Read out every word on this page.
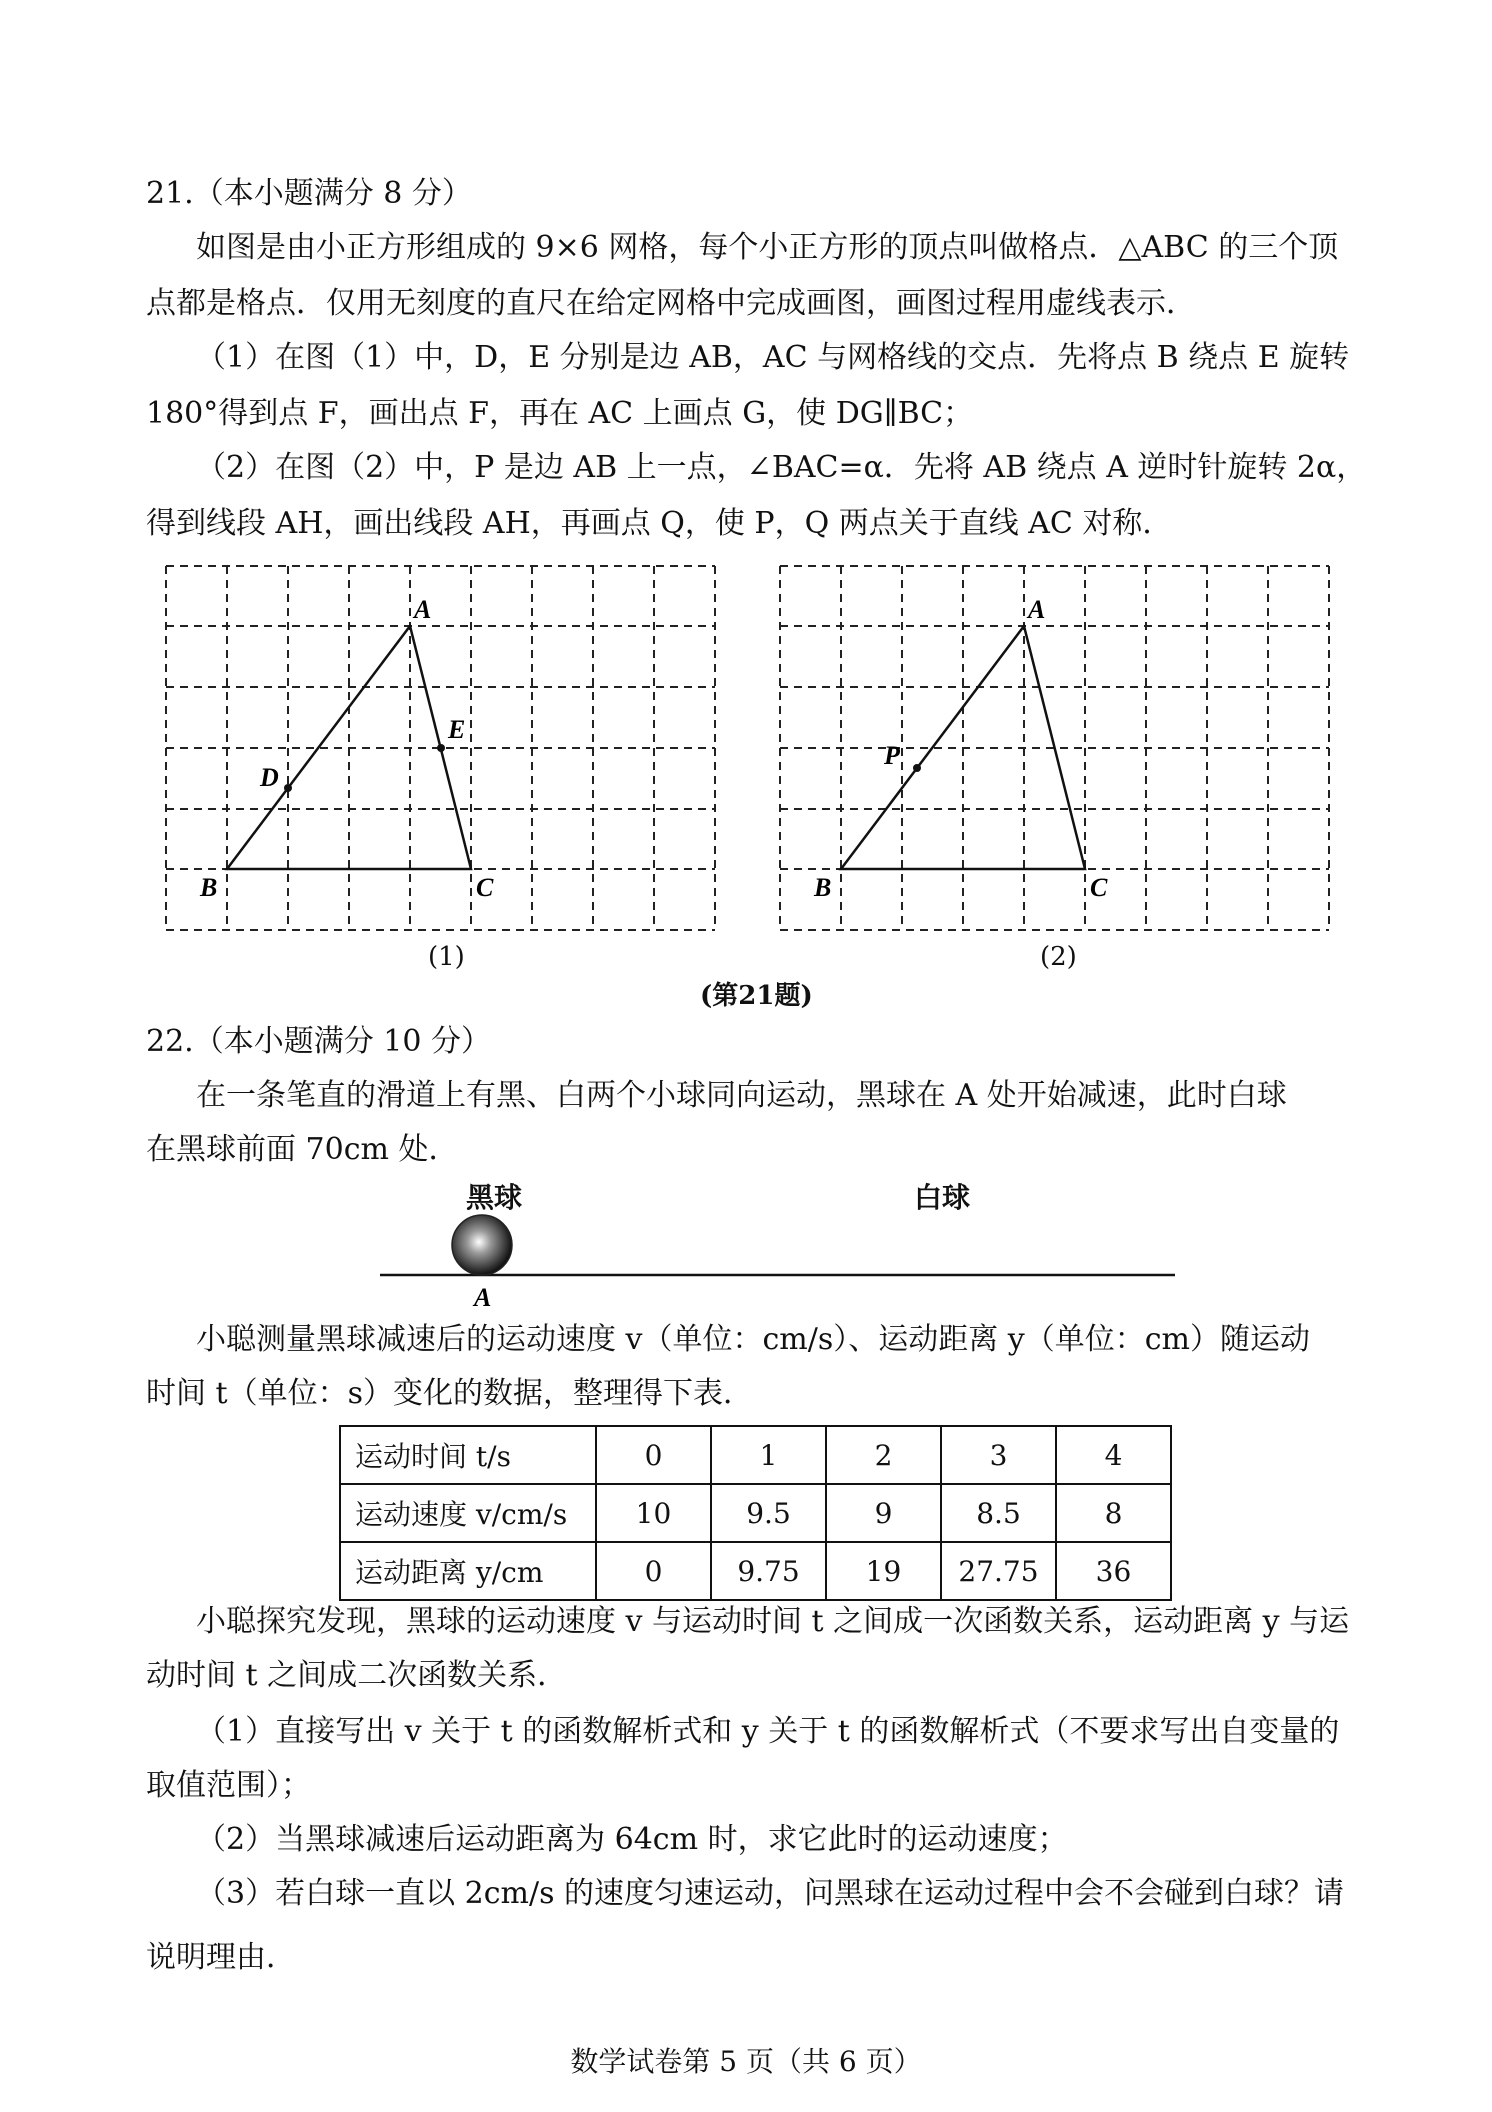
21.（本小题满分 8 分）
如图是由小正方形组成的 9×6 网格，每个小正方形的顶点叫做格点．△ABC 的三个顶
点都是格点．仅用无刻度的直尺在给定网格中完成画图，画图过程用虚线表示．
（1）在图（1）中，D，E 分别是边 AB，AC 与网格线的交点．先将点 B 绕点 E 旋转
180°得到点 F，画出点 F，再在 AC 上画点 G，使 DG∥BC；
（2）在图（2）中，P 是边 AB 上一点，∠BAC=α．先将 AB 绕点 A 逆时针旋转 2α，
得到线段 AH，画出线段 AH，再画点 Q，使 P，Q 两点关于直线 AC 对称．
A
B	C
D
E
(1)
A
B	C
P
(2)
(第21题)
22.（本小题满分 10 分）
在一条笔直的滑道上有黑、白两个小球同向运动，黑球在 A 处开始减速，此时白球
在黑球前面 70cm 处．
黑球	白球
A
小聪测量黑球减速后的运动速度 v（单位：cm/s）、运动距离 y（单位：cm）随运动
时间 t（单位：s）变化的数据，整理得下表．
运动时间 t/s	0	1	2	3	4
运动速度 v/cm/s	10	9.5	9	8.5	8
运动距离 y/cm	0	9.75	19	27.75	36
小聪探究发现，黑球的运动速度 v 与运动时间 t 之间成一次函数关系，运动距离 y 与运
动时间 t 之间成二次函数关系．
（1）直接写出 v 关于 t 的函数解析式和 y 关于 t 的函数解析式（不要求写出自变量的
取值范围）；
（2）当黑球减速后运动距离为 64cm 时，求它此时的运动速度；
（3）若白球一直以 2cm/s 的速度匀速运动，问黑球在运动过程中会不会碰到白球？请
说明理由．
数学试卷第 5 页（共 6 页）
